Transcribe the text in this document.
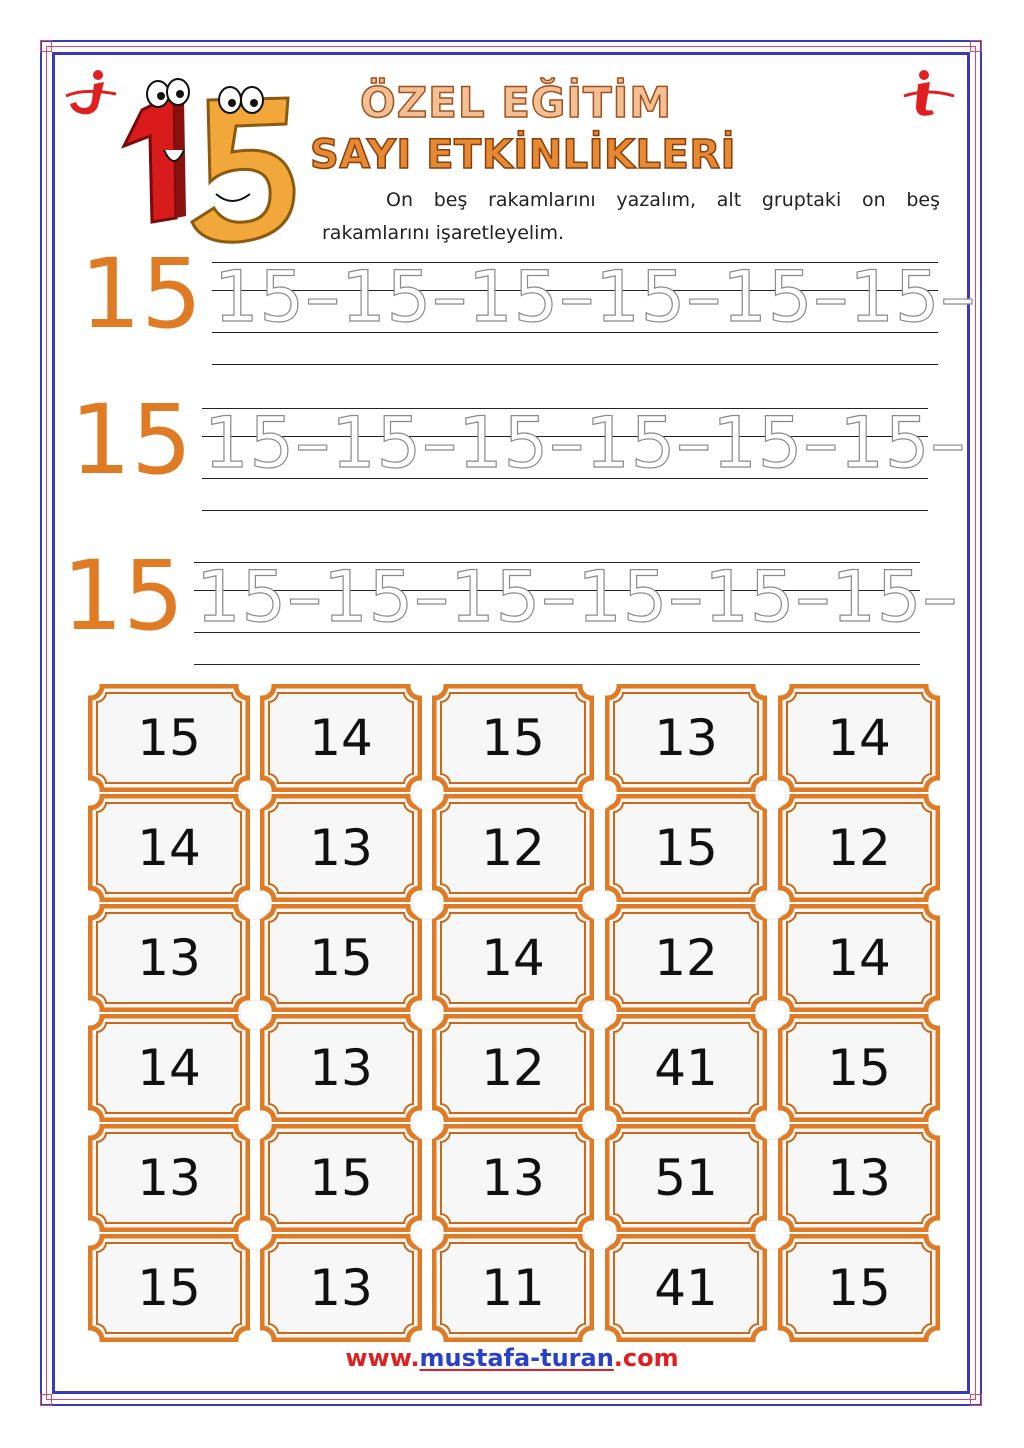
ÖZEL EĞİTİM
SAYI ETKİNLİKLERİ
On beş rakamlarını yazalım, alt gruptaki on beş rakamlarını işaretleyelim.
15 15–15–15–15–15–15–
15 15–15–15–15–15–15–
15 15–15–15–15–15–15–
15	14	15	13	14
14	13	12	15	12
13	15	14	12	14
14	13	12	41	15
13	15	13	51	13
15	13	11	41	15
www.mustafa-turan.com
